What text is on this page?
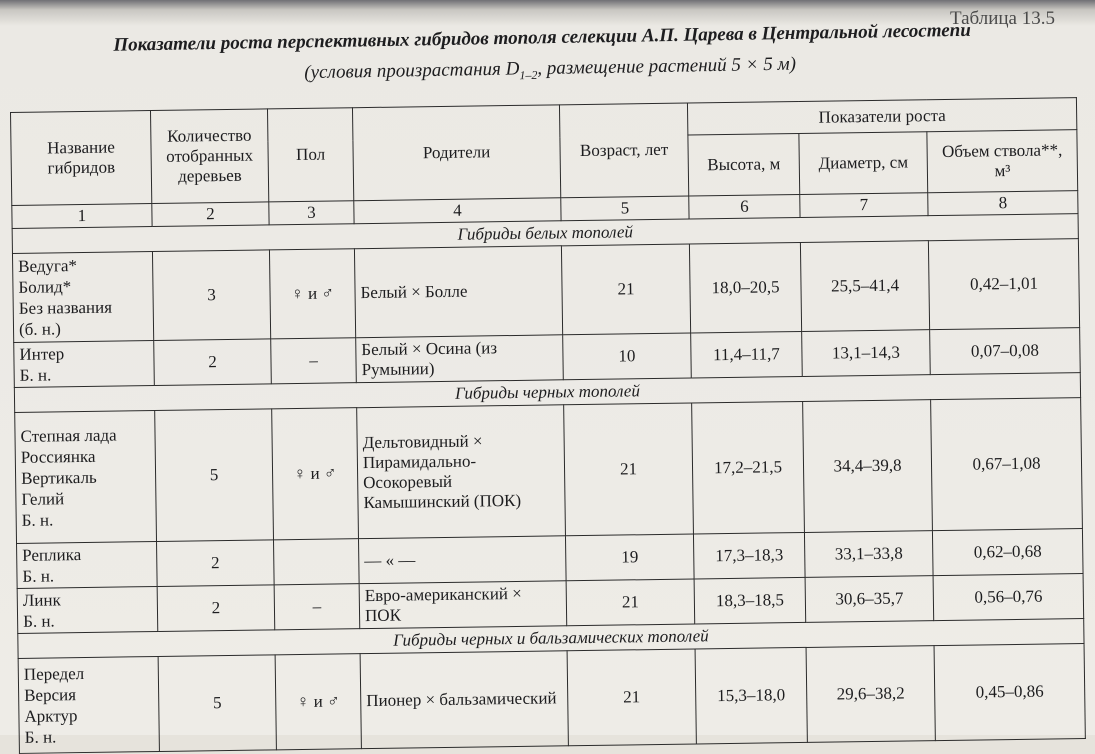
Таблица 13.5
Показатели роста перспективных гибридов тополя селекции А.П. Царева в Центральной лесостепи
(условия произрастания $D_{1-2}$, размещение растений 5 × 5 м)
Название гибридов	Количество отобранных деревьев	Пол	Родители	Возраст, лет	Показатели роста		
					Высота, м	Диаметр, см	Объем ствола**, м³
1	2	3	4	5	6	7	8
Гибриды белых тополей							

Ведуга*
Болид*
Без названия
(б. н.)	3	♀ и ♂	Белый × Болле	21	18,0–20,5	25,5–41,4	0,42–1,01

Интер
Б. н.	2	–	Белый × Осина (из Румынии)	10	11,4–11,7	13,1–14,3	0,07–0,08
Гибриды черных тополей							

Степная лада
Россиянка
Вертикаль
Гелий
Б. н.	5	♀ и ♂	Дельтовидный × Пирамидально-Осокоревый Камышинский (ПОК)	21	17,2–21,5	34,4–39,8	0,67–1,08

Реплика
Б. н.	2		— « —	19	17,3–18,3	33,1–33,8	0,62–0,68

Линк
Б. н.	2	–	Евро-американский × ПОК	21	18,3–18,5	30,6–35,7	0,56–0,76
Гибриды черных и бальзамических тополей							

Передел
Версия
Арктур
Б. н.	5	♀ и ♂	Пионер × бальзамический	21	15,3–18,0	29,6–38,2	0,45–0,86
